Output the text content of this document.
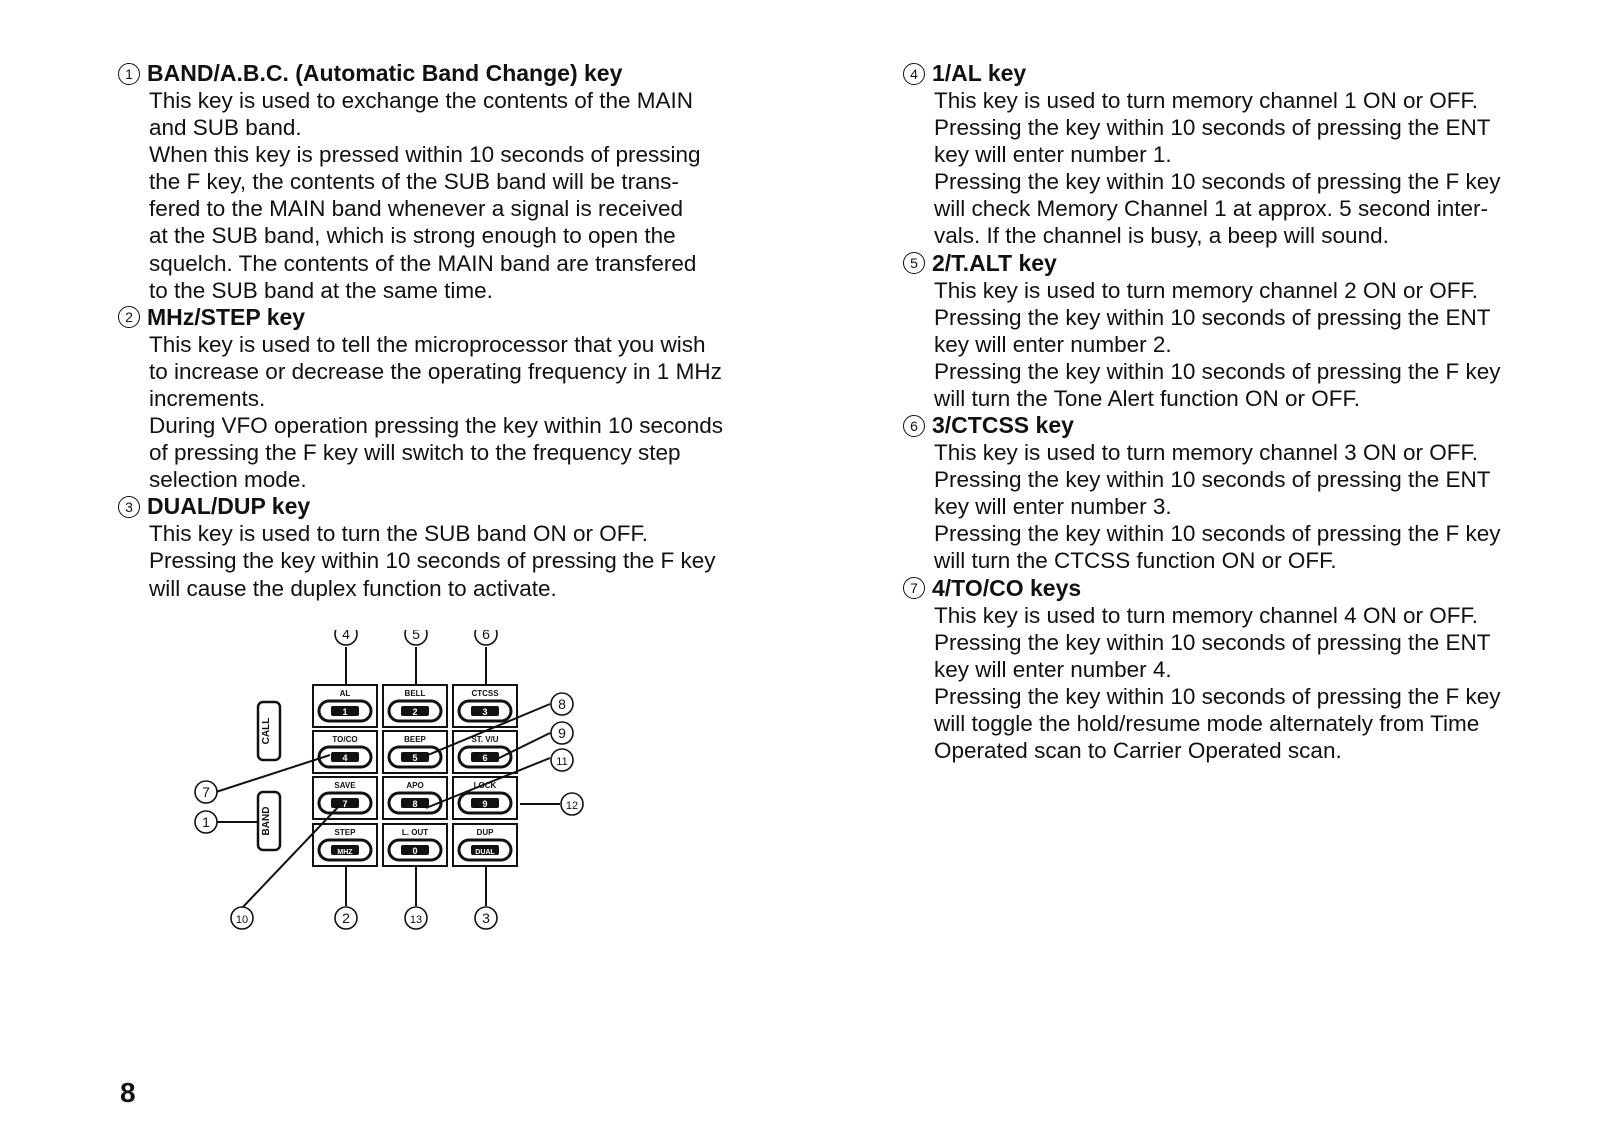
1 BAND/A.B.C. (Automatic Band Change) key

This key is used to exchange the contents of the MAIN
and SUB band.

When this key is pressed within 10 seconds of pressing
the F key, the contents of the SUB band will be trans-
fered to the MAIN band whenever a signal is received
at the SUB band, which is strong enough to open the
squelch. The contents of the MAIN band are transfered
to the SUB band at the same time.

2 MHz/STEP key

This key is used to tell the microprocessor that you wish
to increase or decrease the operating frequency in 1 MHz
increments.

During VFO operation pressing the key within 10 seconds
of pressing the F key will switch to the frequency step
selection mode.

3 DUAL/DUP key

This key is used to turn the SUB band ON or OFF.
Pressing the key within 10 seconds of pressing the F key
will cause the duplex function to activate.

4 1/AL key

This key is used to turn memory channel 1 ON or OFF.
Pressing the key within 10 seconds of pressing the ENT
key will enter number 1.

Pressing the key within 10 seconds of pressing the F key
will check Memory Channel 1 at approx. 5 second inter-
vals. If the channel is busy, a beep will sound.

5 2/T.ALT key

This key is used to turn memory channel 2 ON or OFF.
Pressing the key within 10 seconds of pressing the ENT
key will enter number 2.

Pressing the key within 10 seconds of pressing the F key
will turn the Tone Alert function ON or OFF.

6 3/CTCSS key

This key is used to turn memory channel 3 ON or OFF.
Pressing the key within 10 seconds of pressing the ENT
key will enter number 3.

Pressing the key within 10 seconds of pressing the F key
will turn the CTCSS function ON or OFF.

7 4/TO/CO keys

This key is used to turn memory channel 4 ON or OFF.
Pressing the key within 10 seconds of pressing the ENT
key will enter number 4.

Pressing the key within 10 seconds of pressing the F key
will toggle the hold/resume mode alternately from Time
Operated scan to Carrier Operated scan.

AL
1
BELL
2
CTCSS
3
TO/CO
4
BEEP
5
ST. V/U
6
SAVE
7
APO
8
LOCK
9
STEP
MHZ
L. OUT
0
DUP
DUAL
1
2	3
4	5	6
7
8
9
10
11
12
13
CALL
BAND
8
